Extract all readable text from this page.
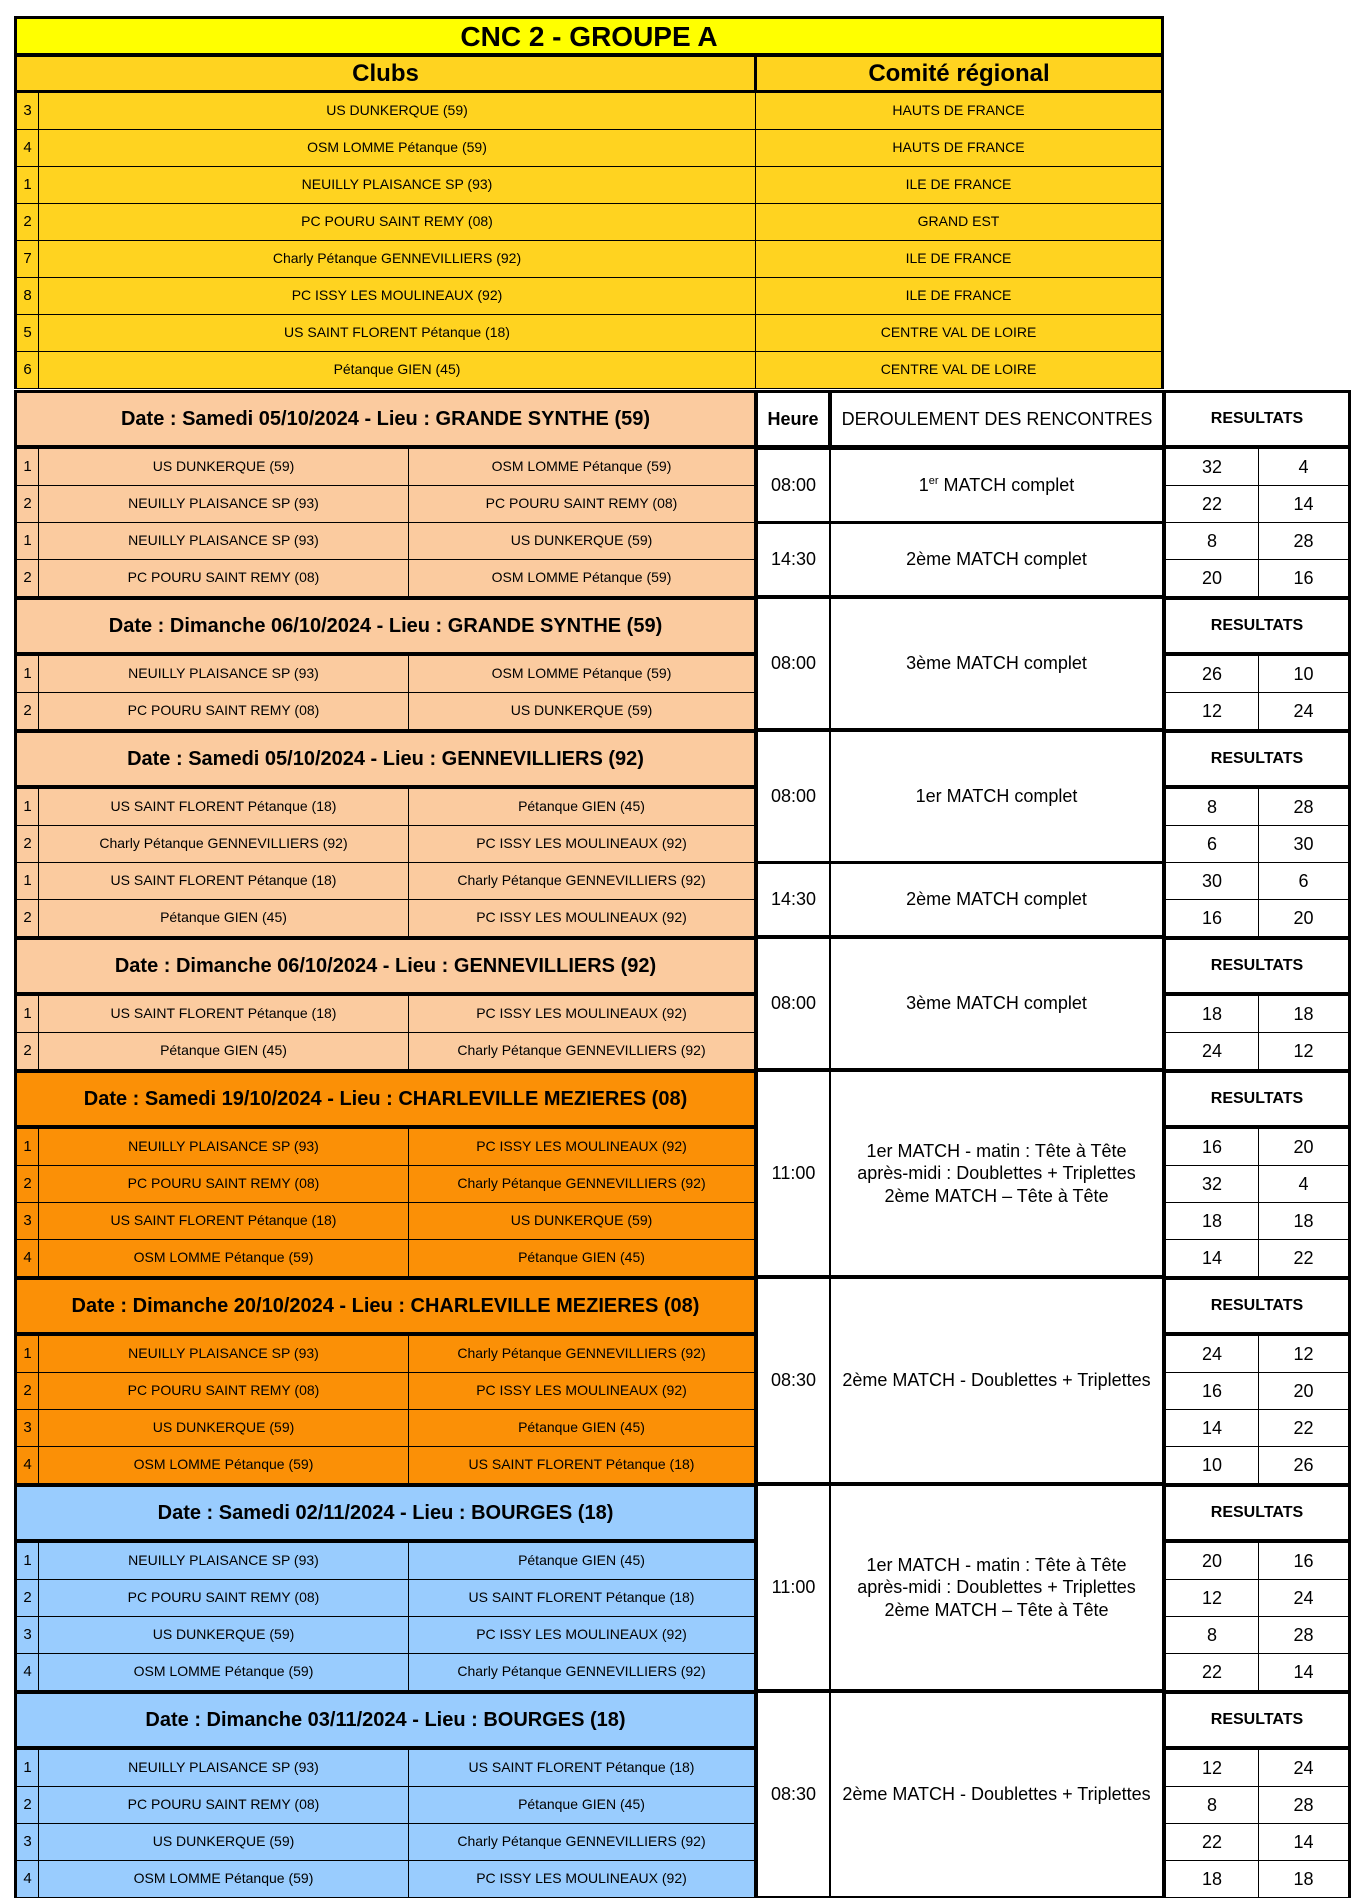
CNC 2 - GROUPE A
Clubs	Comité régional
3	US DUNKERQUE (59)	HAUTS DE FRANCE
4	OSM LOMME Pétanque (59)	HAUTS DE FRANCE
1	NEUILLY PLAISANCE SP (93)	ILE DE FRANCE
2	PC POURU SAINT REMY (08)	GRAND EST
7	Charly Pétanque GENNEVILLIERS (92)	ILE DE FRANCE
8	PC ISSY LES MOULINEAUX (92)	ILE DE FRANCE
5	US SAINT FLORENT Pétanque (18)	CENTRE VAL DE LOIRE
6	Pétanque GIEN (45)	CENTRE VAL DE LOIRE
Date : Samedi 05/10/2024 - Lieu : GRANDE SYNTHE (59)	Heure	DEROULEMENT DES RENCONTRES	RESULTATS
1	US DUNKERQUE (59)	OSM LOMME Pétanque (59)	32	4
2	NEUILLY PLAISANCE SP (93)	PC POURU SAINT REMY (08)	22	14
1	NEUILLY PLAISANCE SP (93)	US DUNKERQUE (59)	8	28
2	PC POURU SAINT REMY (08)	OSM LOMME Pétanque (59)	20	16
08:00	1er MATCH complet
14:30	2ème MATCH complet
Date : Dimanche 06/10/2024 - Lieu : GRANDE SYNTHE (59)	RESULTATS
1	NEUILLY PLAISANCE SP (93)	OSM LOMME Pétanque (59)	26	10
2	PC POURU SAINT REMY (08)	US DUNKERQUE (59)	12	24
08:00	3ème MATCH complet
Date : Samedi 05/10/2024 - Lieu : GENNEVILLIERS (92)	RESULTATS
1	US SAINT FLORENT Pétanque (18)	Pétanque GIEN (45)	8	28
2	Charly Pétanque GENNEVILLIERS (92)	PC ISSY LES MOULINEAUX (92)	6	30
1	US SAINT FLORENT Pétanque (18)	Charly Pétanque GENNEVILLIERS (92)	30	6
2	Pétanque GIEN (45)	PC ISSY LES MOULINEAUX (92)	16	20
08:00	1er MATCH complet
14:30	2ème MATCH complet
Date : Dimanche 06/10/2024 - Lieu : GENNEVILLIERS (92)	RESULTATS
1	US SAINT FLORENT Pétanque (18)	PC ISSY LES MOULINEAUX (92)	18	18
2	Pétanque GIEN (45)	Charly Pétanque GENNEVILLIERS (92)	24	12
08:00	3ème MATCH complet
Date : Samedi 19/10/2024 - Lieu : CHARLEVILLE MEZIERES (08)	RESULTATS
1	NEUILLY PLAISANCE SP (93)	PC ISSY LES MOULINEAUX (92)	16	20
2	PC POURU SAINT REMY (08)	Charly Pétanque GENNEVILLIERS (92)	32	4
3	US SAINT FLORENT Pétanque (18)	US DUNKERQUE (59)	18	18
4	OSM LOMME Pétanque (59)	Pétanque GIEN (45)	14	22
11:00
1er MATCH - matin : Tête à Tête
après-midi : Doublettes + Triplettes
2ème MATCH – Tête à Tête
Date : Dimanche 20/10/2024 - Lieu : CHARLEVILLE MEZIERES (08)	RESULTATS
1	NEUILLY PLAISANCE SP (93)	Charly Pétanque GENNEVILLIERS (92)	24	12
2	PC POURU SAINT REMY (08)	PC ISSY LES MOULINEAUX (92)	16	20
3	US DUNKERQUE (59)	Pétanque GIEN (45)	14	22
4	OSM LOMME Pétanque (59)	US SAINT FLORENT Pétanque (18)	10	26
08:30	2ème MATCH - Doublettes + Triplettes
Date : Samedi 02/11/2024 - Lieu : BOURGES (18)	RESULTATS
1	NEUILLY PLAISANCE SP (93)	Pétanque GIEN (45)	20	16
2	PC POURU SAINT REMY (08)	US SAINT FLORENT Pétanque (18)	12	24
3	US DUNKERQUE (59)	PC ISSY LES MOULINEAUX (92)	8	28
4	OSM LOMME Pétanque (59)	Charly Pétanque GENNEVILLIERS (92)	22	14
11:00
1er MATCH - matin : Tête à Tête
après-midi : Doublettes + Triplettes
2ème MATCH – Tête à Tête
Date : Dimanche 03/11/2024 - Lieu : BOURGES (18)	RESULTATS
1	NEUILLY PLAISANCE SP (93)	US SAINT FLORENT Pétanque (18)	12	24
2	PC POURU SAINT REMY (08)	Pétanque GIEN (45)	8	28
3	US DUNKERQUE (59)	Charly Pétanque GENNEVILLIERS (92)	22	14
4	OSM LOMME Pétanque (59)	PC ISSY LES MOULINEAUX (92)	18	18
08:30	2ème MATCH - Doublettes + Triplettes
